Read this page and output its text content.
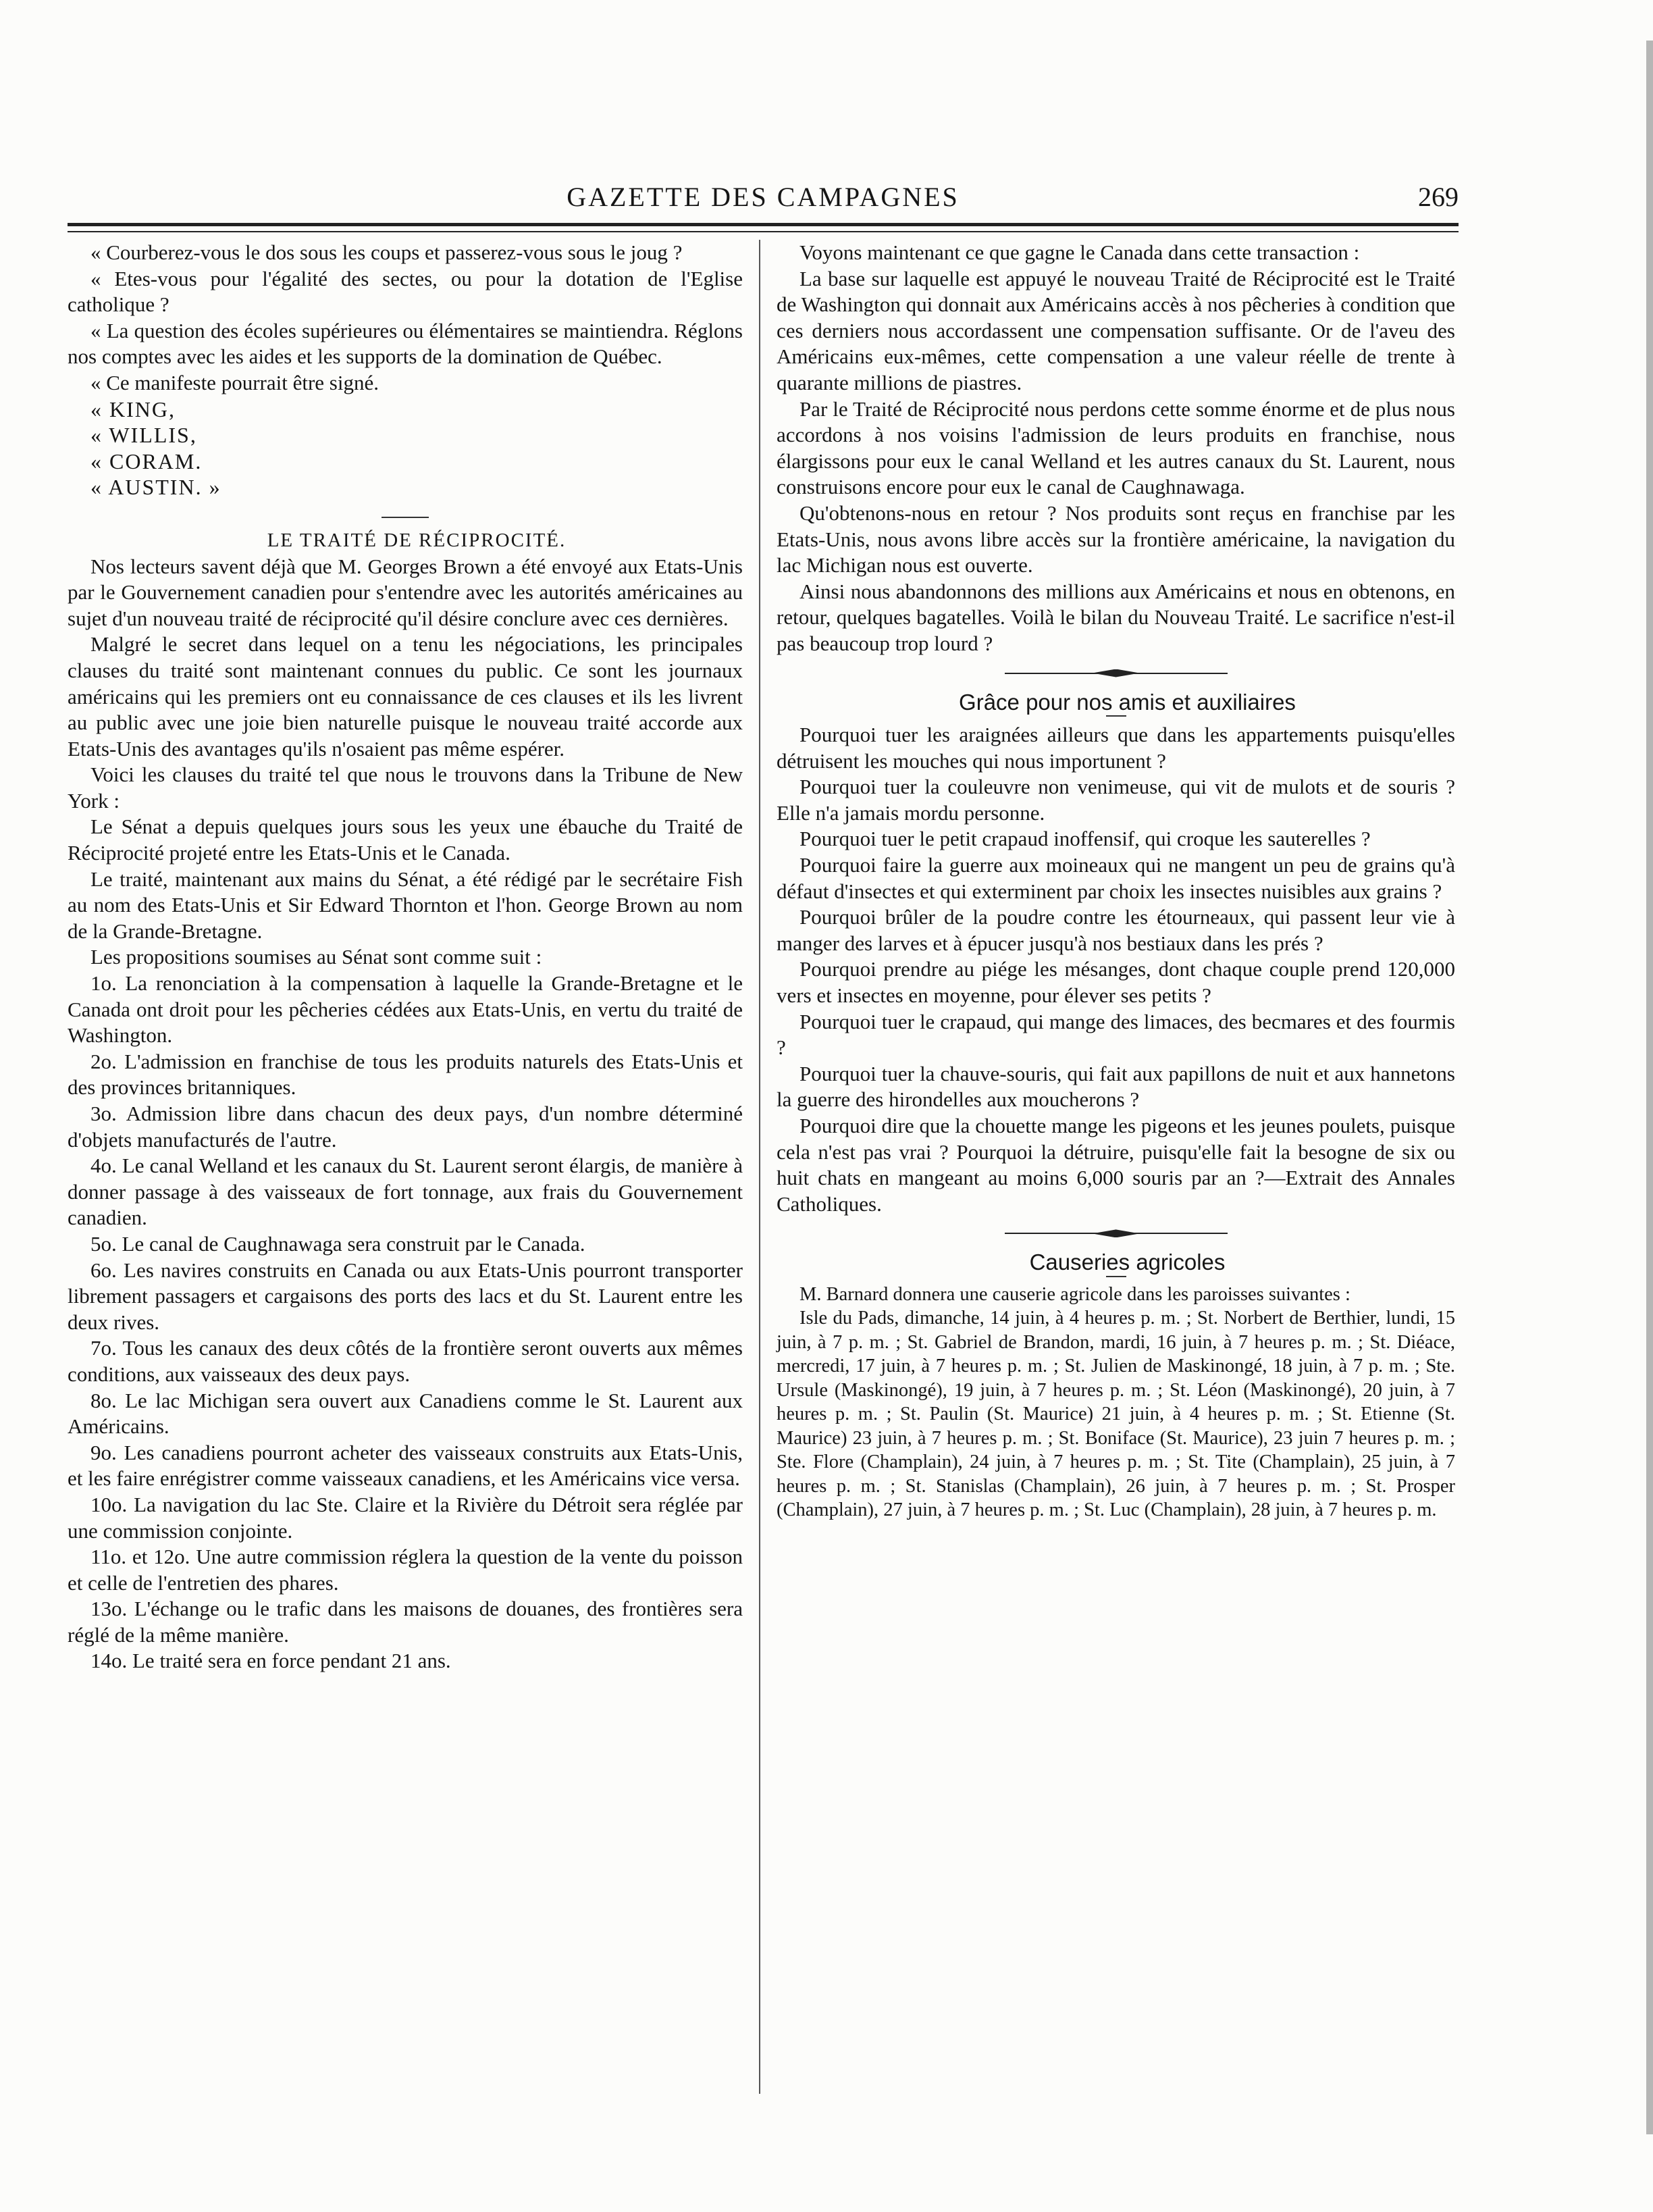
GAZETTE DES CAMPAGNES	269

« Courberez-vous le dos sous les coups et passerez-vous sous le joug ?

« Etes-vous pour l'égalité des sectes, ou pour la dotation de l'Eglise catholique ?

« La question des écoles supérieures ou élémentaires se maintiendra. Réglons nos comptes avec les aides et les supports de la domination de Québec.

« Ce manifeste pourrait être signé.

« KING,

« WILLIS,

« CORAM.

« AUSTIN. »

LE TRAITÉ DE RÉCIPROCITÉ.

Nos lecteurs savent déjà que M. Georges Brown a été envoyé aux Etats-Unis par le Gouvernement canadien pour s'entendre avec les autorités américaines au sujet d'un nouveau traité de réciprocité qu'il désire conclure avec ces dernières.

Malgré le secret dans lequel on a tenu les négociations, les principales clauses du traité sont maintenant connues du public. Ce sont les journaux américains qui les premiers ont eu connaissance de ces clauses et ils les livrent au public avec une joie bien naturelle puisque le nouveau traité accorde aux Etats-Unis des avantages qu'ils n'osaient pas même espérer.

Voici les clauses du traité tel que nous le trouvons dans la Tribune de New York :

Le Sénat a depuis quelques jours sous les yeux une ébauche du Traité de Réciprocité projeté entre les Etats-Unis et le Canada.

Le traité, maintenant aux mains du Sénat, a été rédigé par le secrétaire Fish au nom des Etats-Unis et Sir Edward Thornton et l'hon. George Brown au nom de la Grande-Bretagne.

Les propositions soumises au Sénat sont comme suit :

1o. La renonciation à la compensation à laquelle la Grande-Bretagne et le Canada ont droit pour les pêcheries cédées aux Etats-Unis, en vertu du traité de Washington.

2o. L'admission en franchise de tous les produits naturels des Etats-Unis et des provinces britanniques.

3o. Admission libre dans chacun des deux pays, d'un nombre déterminé d'objets manufacturés de l'autre.

4o. Le canal Welland et les canaux du St. Laurent seront élargis, de manière à donner passage à des vaisseaux de fort tonnage, aux frais du Gouvernement canadien.

5o. Le canal de Caughnawaga sera construit par le Canada.

6o. Les navires construits en Canada ou aux Etats-Unis pourront transporter librement passagers et cargaisons des ports des lacs et du St. Laurent entre les deux rives.

7o. Tous les canaux des deux côtés de la frontière seront ouverts aux mêmes conditions, aux vaisseaux des deux pays.

8o. Le lac Michigan sera ouvert aux Canadiens comme le St. Laurent aux Américains.

9o. Les canadiens pourront acheter des vaisseaux construits aux Etats-Unis, et les faire enrégistrer comme vaisseaux canadiens, et les Américains vice versa.

10o. La navigation du lac Ste. Claire et la Rivière du Détroit sera réglée par une commission conjointe.

11o. et 12o. Une autre commission réglera la question de la vente du poisson et celle de l'entretien des phares.

13o. L'échange ou le trafic dans les maisons de douanes, des frontières sera réglé de la même manière.

14o. Le traité sera en force pendant 21 ans.

Voyons maintenant ce que gagne le Canada dans cette transaction :

La base sur laquelle est appuyé le nouveau Traité de Réciprocité est le Traité de Washington qui donnait aux Américains accès à nos pêcheries à condition que ces derniers nous accordassent une compensation suffisante. Or de l'aveu des Américains eux-mêmes, cette compensation a une valeur réelle de trente à quarante millions de piastres.

Par le Traité de Réciprocité nous perdons cette somme énorme et de plus nous accordons à nos voisins l'admission de leurs produits en franchise, nous élargissons pour eux le canal Welland et les autres canaux du St. Laurent, nous construisons encore pour eux le canal de Caughnawaga.

Qu'obtenons-nous en retour ? Nos produits sont reçus en franchise par les Etats-Unis, nous avons libre accès sur la frontière américaine, la navigation du lac Michigan nous est ouverte.

Ainsi nous abandonnons des millions aux Américains et nous en obtenons, en retour, quelques bagatelles. Voilà le bilan du Nouveau Traité. Le sacrifice n'est-il pas beaucoup trop lourd ?

Grâce pour nos amis et auxiliaires

Pourquoi tuer les araignées ailleurs que dans les appartements puisqu'elles détruisent les mouches qui nous importunent ?

Pourquoi tuer la couleuvre non venimeuse, qui vit de mulots et de souris ? Elle n'a jamais mordu personne.

Pourquoi tuer le petit crapaud inoffensif, qui croque les sauterelles ?

Pourquoi faire la guerre aux moineaux qui ne mangent un peu de grains qu'à défaut d'insectes et qui exterminent par choix les insectes nuisibles aux grains ?

Pourquoi brûler de la poudre contre les étourneaux, qui passent leur vie à manger des larves et à épucer jusqu'à nos bestiaux dans les prés ?

Pourquoi prendre au piége les mésanges, dont chaque couple prend 120,000 vers et insectes en moyenne, pour élever ses petits ?

Pourquoi tuer le crapaud, qui mange des limaces, des becmares et des fourmis ?

Pourquoi tuer la chauve-souris, qui fait aux papillons de nuit et aux hannetons la guerre des hirondelles aux moucherons ?

Pourquoi dire que la chouette mange les pigeons et les jeunes poulets, puisque cela n'est pas vrai ? Pourquoi la détruire, puisqu'elle fait la besogne de six ou huit chats en mangeant au moins 6,000 souris par an ?—Extrait des Annales Catholiques.

Causeries agricoles

M. Barnard donnera une causerie agricole dans les paroisses suivantes :

Isle du Pads, dimanche, 14 juin, à 4 heures p. m. ; St. Norbert de Berthier, lundi, 15 juin, à 7 p. m. ; St. Gabriel de Brandon, mardi, 16 juin, à 7 heures p. m. ; St. Diéace, mercredi, 17 juin, à 7 heures p. m. ; St. Julien de Maskinongé, 18 juin, à 7 p. m. ; Ste. Ursule (Maskinongé), 19 juin, à 7 heures p. m. ; St. Léon (Maskinongé), 20 juin, à 7 heures p. m. ; St. Paulin (St. Maurice) 21 juin, à 4 heures p. m. ; St. Etienne (St. Maurice) 23 juin, à 7 heures p. m. ; St. Boniface (St. Maurice), 23 juin 7 heures p. m. ; Ste. Flore (Champlain), 24 juin, à 7 heures p. m. ; St. Tite (Champlain), 25 juin, à 7 heures p. m. ; St. Stanislas (Champlain), 26 juin, à 7 heures p. m. ; St. Prosper (Champlain), 27 juin, à 7 heures p. m. ; St. Luc (Champlain), 28 juin, à 7 heures p. m.
